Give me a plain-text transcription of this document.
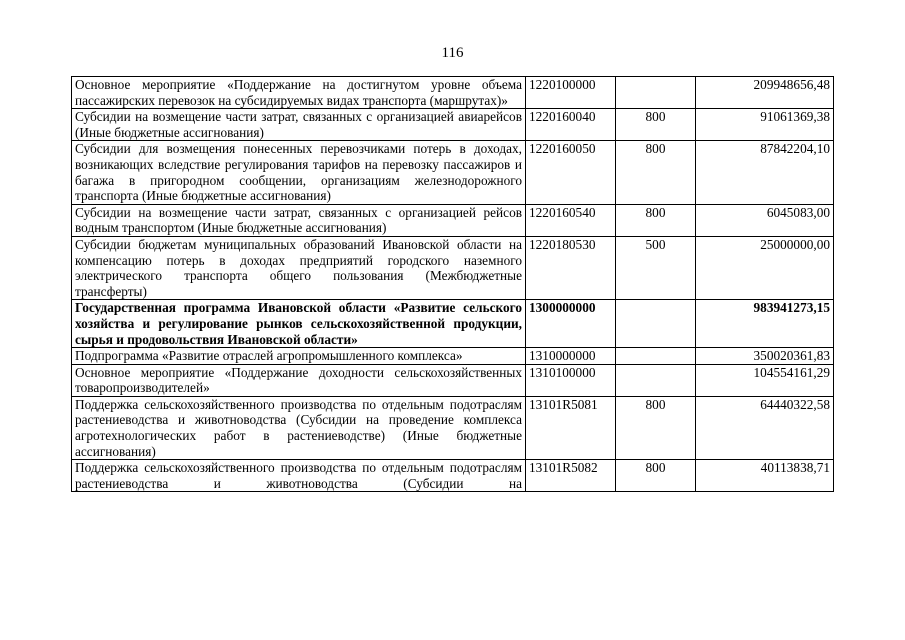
116
Основное мероприятие «Поддержание на достигнутом уровне объема пассажирских перевозок на субсидируемых видах транспорта (маршрутах)»	1220100000		209948656,48
Субсидии на возмещение части затрат, связанных с организацией авиарейсов (Иные бюджетные ассигнования)	1220160040	800	91061369,38
Субсидии для возмещения понесенных перевозчиками потерь в доходах, возникающих вследствие регулирования тарифов на перевозку пассажиров и багажа в пригородном сообщении, организациям железнодорожного транспорта (Иные бюджетные ассигнования)	1220160050	800	87842204,10
Субсидии на возмещение части затрат, связанных с организацией рейсов водным транспортом (Иные бюджетные ассигнования)	1220160540	800	6045083,00
Субсидии бюджетам муниципальных образований Ивановской области на компенсацию потерь в доходах предприятий городского наземного электрического транспорта общего пользования (Межбюджетные трансферты)	1220180530	500	25000000,00
Государственная программа Ивановской области «Развитие сельского хозяйства и регулирование рынков сельскохозяйственной продукции, сырья и продовольствия Ивановской области»	1300000000		983941273,15
Подпрограмма «Развитие отраслей агропромышленного комплекса»	1310000000		350020361,83
Основное мероприятие «Поддержание доходности сельскохозяйственных товаропроизводителей»	1310100000		104554161,29
Поддержка сельскохозяйственного производства по отдельным подотраслям растениеводства и животноводства (Субсидии на проведение комплекса агротехнологических работ в растениеводстве) (Иные бюджетные ассигнования)	13101R5081	800	64440322,58
Поддержка сельскохозяйственного производства по отдельным подотраслям растениеводства и животноводства (Субсидии на	13101R5082	800	40113838,71
